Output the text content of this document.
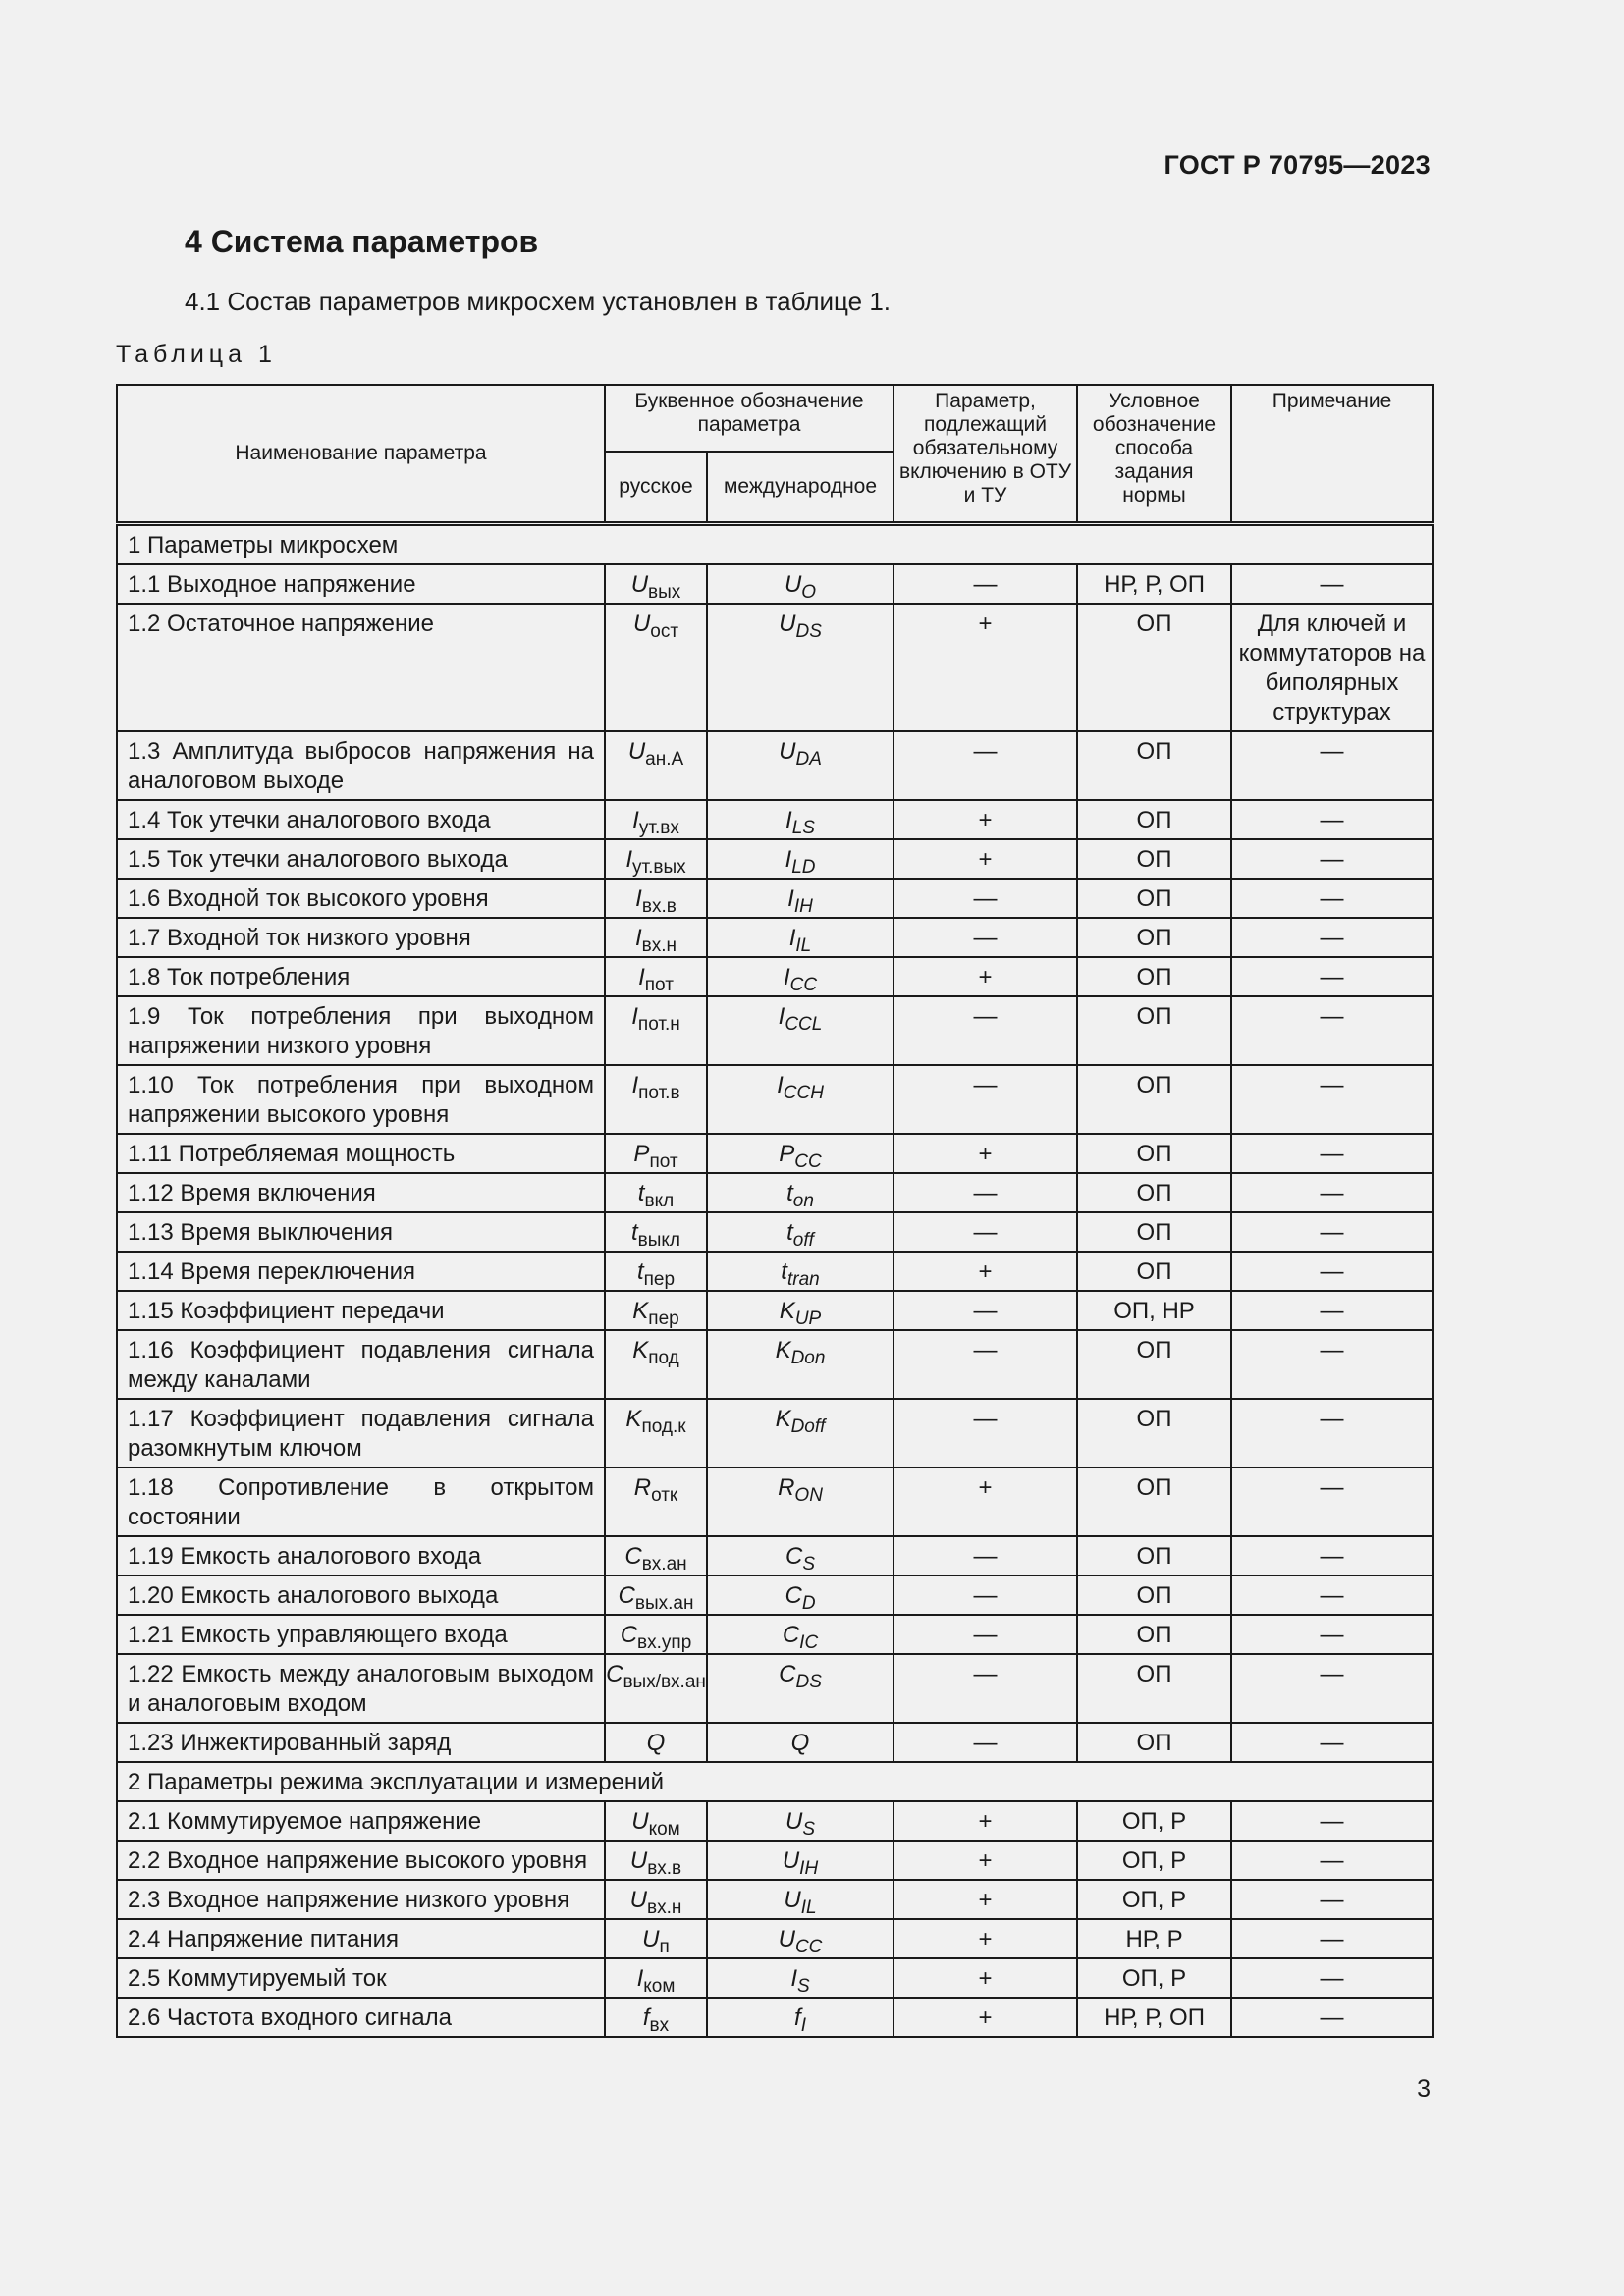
ГОСТ Р 70795—2023
4 Система параметров
4.1 Состав параметров микросхем установлен в таблице 1.
Таблица 1
Наименование параметра	Буквенное обозначение параметра		Параметр, подлежащий обязательному включению в ОТУ и ТУ	Условное обозначение способа задания нормы	Примечание
	русское	международное			
1 Параметры микросхем					
1.1 Выходное напряжение	$U_{вых}$	$U_O$	—	НР, Р, ОП	—
1.2 Остаточное напряжение	$U_{ост}$	$U_{DS}$	+	ОП	Для ключей и коммутаторов на биполярных структурах
1.3 Амплитуда выбросов напряжения на аналоговом выходе	$U_{ан.А}$	$U_{DA}$	—	ОП	—
1.4 Ток утечки аналогового входа	$I_{ут.вх}$	$I_{LS}$	+	ОП	—
1.5 Ток утечки аналогового выхода	$I_{ут.вых}$	$I_{LD}$	+	ОП	—
1.6 Входной ток высокого уровня	$I_{вх.в}$	$I_{IH}$	—	ОП	—
1.7 Входной ток низкого уровня	$I_{вх.н}$	$I_{IL}$	—	ОП	—
1.8 Ток потребления	$I_{пот}$	$I_{CC}$	+	ОП	—
1.9 Ток потребления при выходном напряжении низкого уровня	$I_{пот.н}$	$I_{CCL}$	—	ОП	—
1.10 Ток потребления при выходном напряжении высокого уровня	$I_{пот.в}$	$I_{CCH}$	—	ОП	—
1.11 Потребляемая мощность	$P_{пот}$	$P_{CC}$	+	ОП	—
1.12 Время включения	$t_{вкл}$	$t_{on}$	—	ОП	—
1.13 Время выключения	$t_{выкл}$	$t_{off}$	—	ОП	—
1.14 Время переключения	$t_{пер}$	$t_{tran}$	+	ОП	—
1.15 Коэффициент передачи	$K_{пер}$	$K_{UP}$	—	ОП, НР	—
1.16 Коэффициент подавления сигнала между каналами	$K_{под}$	$K_{Don}$	—	ОП	—
1.17 Коэффициент подавления сигнала разомкнутым ключом	$K_{под.к}$	$K_{Doff}$	—	ОП	—
1.18 Сопротивление в открытом состоянии	$R_{отк}$	$R_{ON}$	+	ОП	—
1.19 Емкость аналогового входа	$C_{вх.ан}$	$C_S$	—	ОП	—
1.20 Емкость аналогового выхода	$C_{вых.ан}$	$C_D$	—	ОП	—
1.21 Емкость управляющего входа	$C_{вх.упр}$	$C_{IC}$	—	ОП	—
1.22 Емкость между аналоговым выходом и аналоговым входом	$C_{вых/вх.ан}$	$C_{DS}$	—	ОП	—
1.23 Инжектированный заряд	Q	Q	—	ОП	—
2 Параметры режима эксплуатации и измерений					
2.1 Коммутируемое напряжение	$U_{ком}$	$U_S$	+	ОП, Р	—
2.2 Входное напряжение высокого уровня	$U_{вх.в}$	$U_{IH}$	+	ОП, Р	—
2.3 Входное напряжение низкого уровня	$U_{вх.н}$	$U_{IL}$	+	ОП, Р	—
2.4 Напряжение питания	$U_п$	$U_{CC}$	+	НР, Р	—
2.5 Коммутируемый ток	$I_{ком}$	$I_S$	+	ОП, Р	—
2.6 Частота входного сигнала	$f_{вх}$	$f_I$	+	НР, Р, ОП	—
3
